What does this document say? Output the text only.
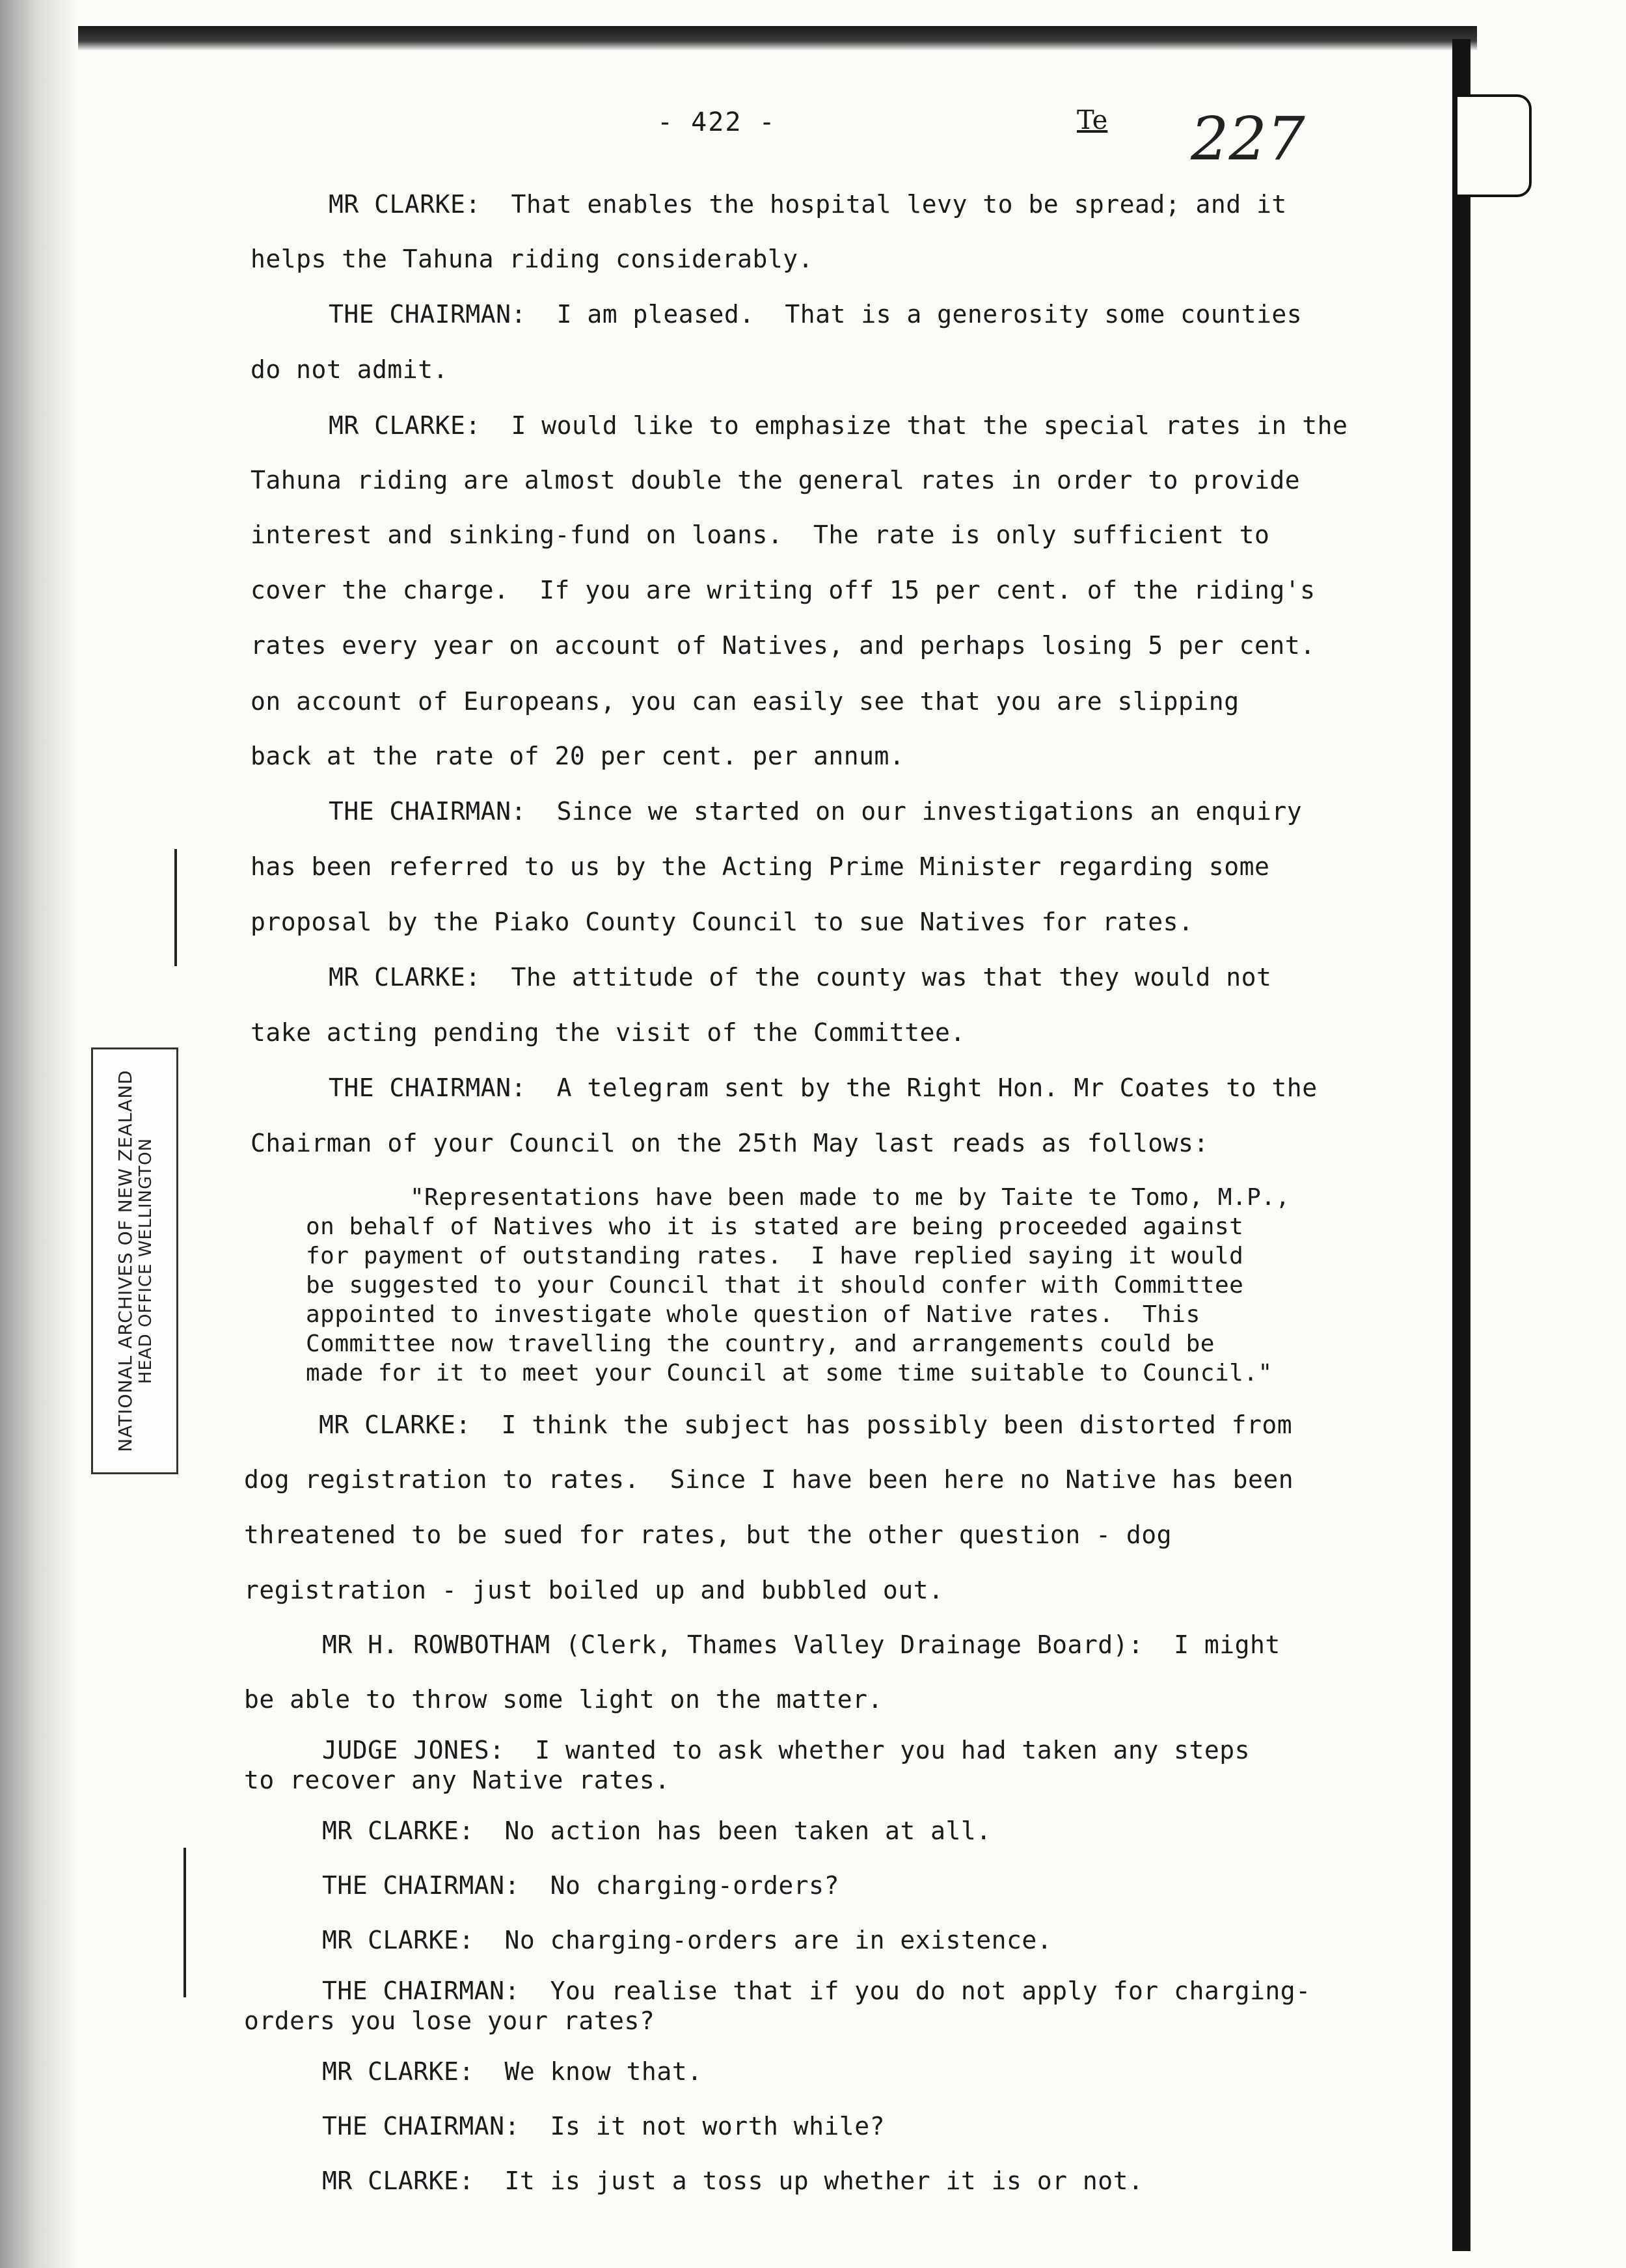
- 422 -	Te 227
NATIONAL ARCHIVES OF NEW ZEALAND HEAD OFFICE WELLINGTON
MR CLARKE:  That enables the hospital levy to be spread; and it
helps the Tahuna riding considerably.
THE CHAIRMAN:  I am pleased.  That is a generosity some counties
do not admit.
MR CLARKE:  I would like to emphasize that the special rates in the
Tahuna riding are almost double the general rates in order to provide
interest and sinking-fund on loans.  The rate is only sufficient to
cover the charge.  If you are writing off 15 per cent. of the riding's
rates every year on account of Natives, and perhaps losing 5 per cent.
on account of Europeans, you can easily see that you are slipping
back at the rate of 20 per cent. per annum.
THE CHAIRMAN:  Since we started on our investigations an enquiry
has been referred to us by the Acting Prime Minister regarding some
proposal by the Piako County Council to sue Natives for rates.
MR CLARKE:  The attitude of the county was that they would not
take acting pending the visit of the Committee.
THE CHAIRMAN:  A telegram sent by the Right Hon. Mr Coates to the
Chairman of your Council on the 25th May last reads as follows:
"Representations have been made to me by Taite te Tomo, M.P.,
on behalf of Natives who it is stated are being proceeded against
for payment of outstanding rates.  I have replied saying it would
be suggested to your Council that it should confer with Committee
appointed to investigate whole question of Native rates.  This
Committee now travelling the country, and arrangements could be
made for it to meet your Council at some time suitable to Council."
MR CLARKE:  I think the subject has possibly been distorted from
dog registration to rates.  Since I have been here no Native has been
threatened to be sued for rates, but the other question - dog
registration - just boiled up and bubbled out.
MR H. ROWBOTHAM (Clerk, Thames Valley Drainage Board):  I might
be able to throw some light on the matter.
JUDGE JONES:  I wanted to ask whether you had taken any steps
to recover any Native rates.
MR CLARKE:  No action has been taken at all.
THE CHAIRMAN:  No charging-orders?
MR CLARKE:  No charging-orders are in existence.
THE CHAIRMAN:  You realise that if you do not apply for charging-
orders you lose your rates?
MR CLARKE:  We know that.
THE CHAIRMAN:  Is it not worth while?
MR CLARKE:  It is just a toss up whether it is or not.
